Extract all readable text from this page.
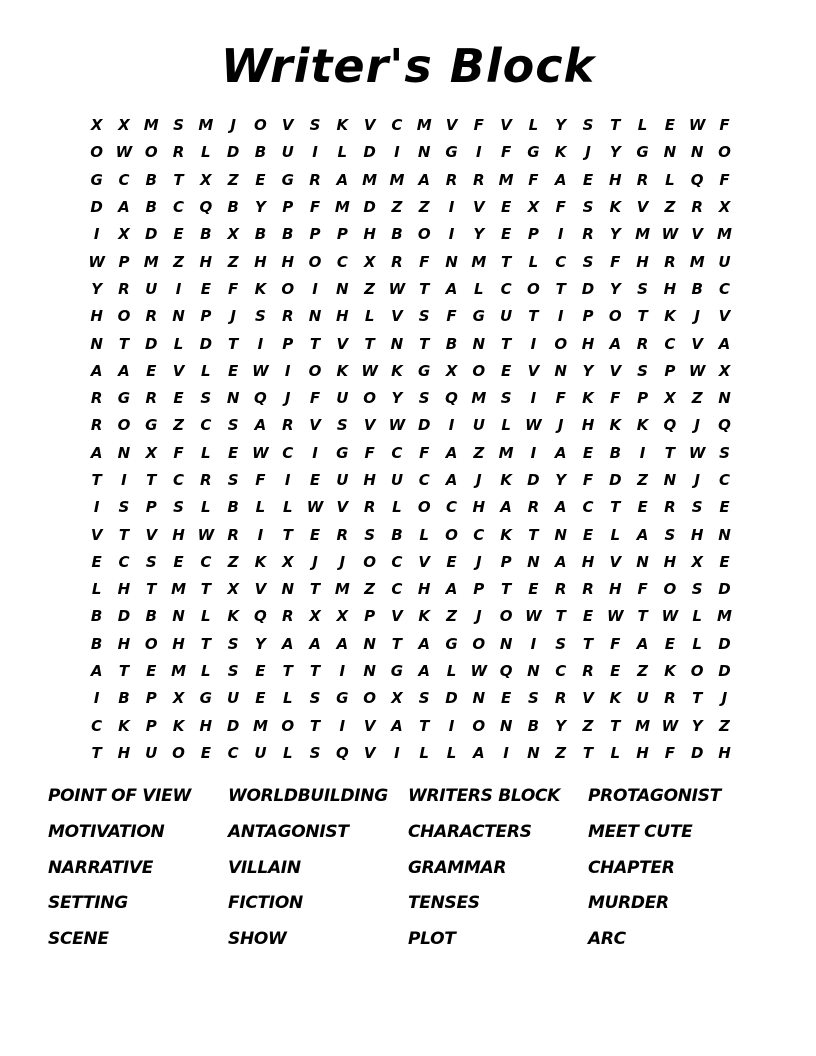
Writer's Block
X	X M S M	J	O	V	S	K	V	C M V	F	V	L	Y	S	T	L	E W F
O W O	R	L	D	B	U	I	L	D	I	N G	I	F	G	K	J	Y	G N N O
G	C	B	T	X	Z	E	G	R	A M M A	R	R M F	A	E	H	R	L	Q	F
D	A	B	C	Q	B	Y	P	F M D	Z	Z	I	V	E	X	F	S	K	V	Z	R	X
I	X	D	E	B	X	B	B	P	P	H	B	O	I	Y	E	P	I	R	Y M W V M
W P M Z	H	Z	H H O	C	X	R	F	N M T	L	C	S	F	H	R M U
Y	R	U	I	E	F	K	O	I	N	Z W T	A	L	C	O	T	D	Y	S	H	B	C
H O	R	N	P	J	S	R	N H	L	V	S	F	G	U	T	I	P	O	T	K	J	V
N	T	D	L	D	T	I	P	T	V	T	N	T	B	N	T	I	O H	A	R	C	V	A
A	A	E	V	L	E W	I	O	K W K	G	X	O	E	V	N	Y	V	S	P W X
R	G	R	E	S	N Q	J	F	U O	Y	S	Q M S	I	F	K	F	P	X	Z	N
R	O G	Z	C	S	A	R	V	S	V W D	I	U	L W	J	H	K	K	Q	J	Q
A	N	X	F	L	E W C	I	G	F	C	F	A	Z M	I	A	E	B	I	T W S
T	I	T	C	R	S	F	I	E	U H U	C	A	J	K	D	Y	F	D	Z	N	J	C
I	S	P	S	L	B	L	L W V	R	L	O	C	H	A	R	A	C	T	E	R	S	E
V	T	V	H W R	I	T	E	R	S	B	L	O	C	K	T	N	E	L	A	S	H N
E	C	S	E	C	Z	K	X	J	J	O	C	V	E	J	P	N	A	H	V	N H	X	E
L	H	T M T	X	V	N	T M Z	C	H	A	P	T	E	R	R	H	F	O	S	D
B	D	B	N	L	K	Q	R	X	X	P	V	K	Z	J	O W T	E W T W L	M
B	H O H	T	S	Y	A	A	A	N	T	A	G O N	I	S	T	F	A	E	L	D
A	T	E M	L	S	E	T	T	I	N G	A	L W Q N	C	R	E	Z	K	O D
I	B	P	X	G	U	E	L	S	G O	X	S	D N	E	S	R	V	K	U	R	T	J
C	K	P	K	H D M O	T	I	V	A	T	I	O N	B	Y	Z	T M W Y	Z
T	H U O	E	C	U	L	S	Q	V	I	L	L	A	I	N	Z	T	L	H	F	D H
POINT OF VIEW	WORLDBUILDING	WRITERS BLOCK	PROTAGONIST
MOTIVATION	ANTAGONIST	CHARACTERS	MEET CUTE
NARRATIVE	VILLAIN	GRAMMAR	CHAPTER
SETTING	FICTION	TENSES	MURDER
SCENE	SHOW	PLOT	ARC
